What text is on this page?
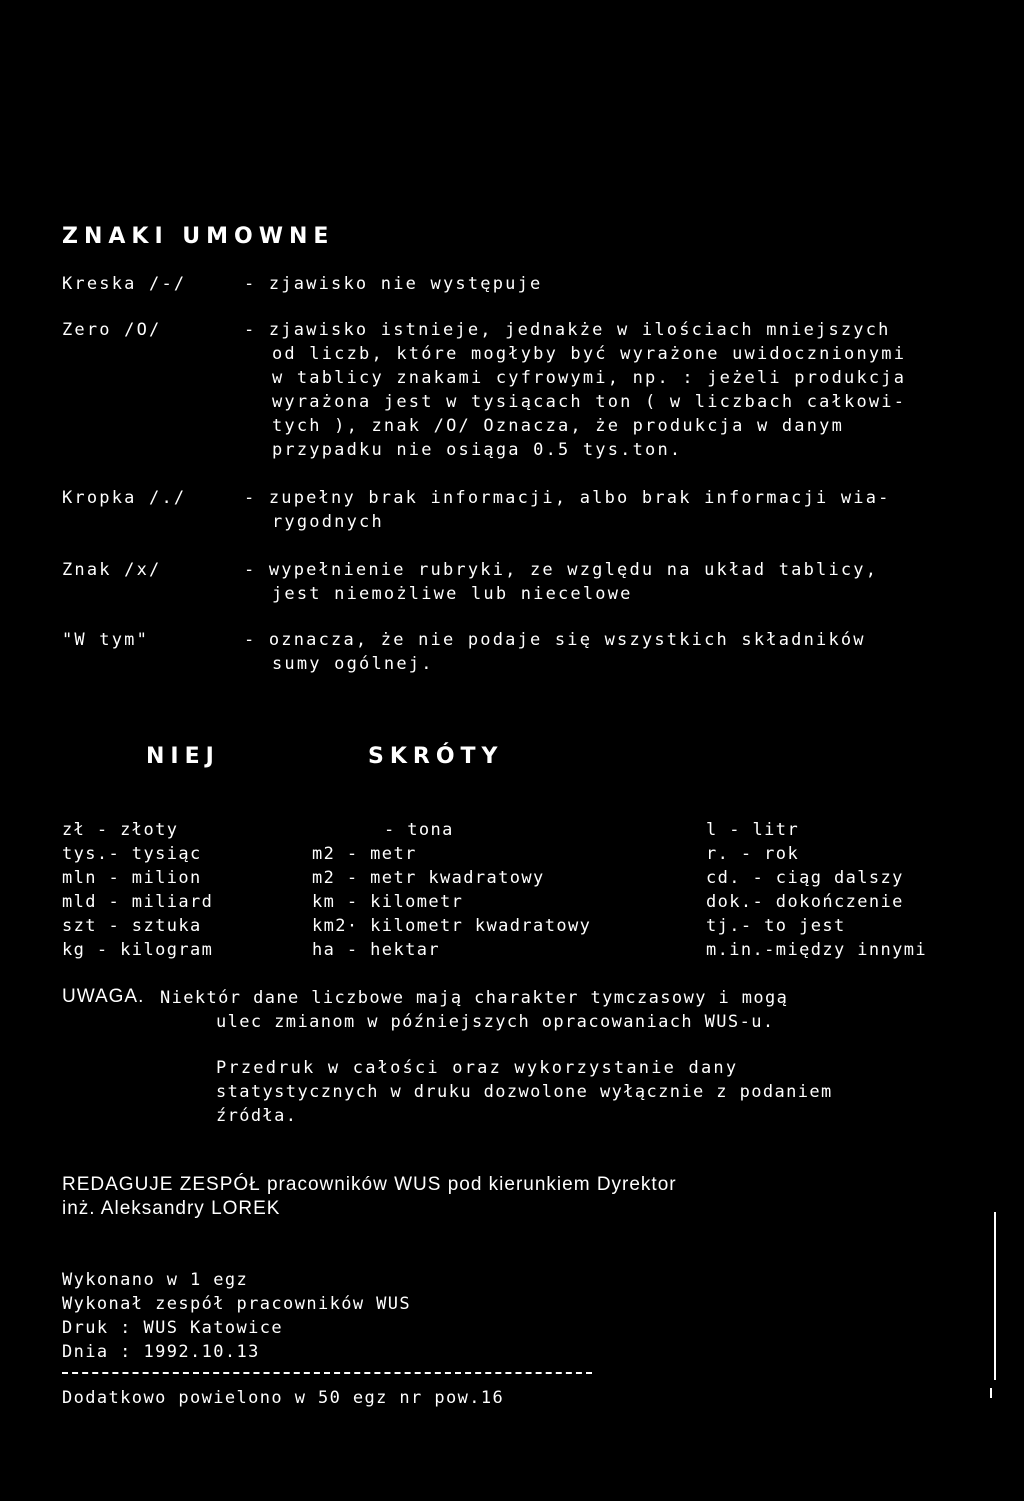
ZNAKI UMOWNE
Kreska /-/
Zero /O/
Kropka /./
Znak /x/
"W tym"
- zjawisko nie występuje
- zjawisko istnieje, jednakże w ilościach mniejszych
od liczb, które mogłyby być wyrażone uwidocznionymi
w tablicy znakami cyfrowymi, np. : jeżeli produkcja
wyrażona jest w tysiącach ton ( w liczbach całkowi-
tych ), znak /O/ Oznacza, że produkcja w danym
przypadku nie osiąga 0.5 tys.ton.
- zupełny brak informacji, albo brak informacji wia-
rygodnych
- wypełnienie rubryki, ze względu na układ tablicy,
jest niemożliwe lub niecelowe
- oznacza, że nie podaje się wszystkich składników
sumy ogólnej.
NIEJ	SKRÓTY
zł - złoty
tys.- tysiąc
mln - milion
mld - miliard
szt - sztuka
kg - kilogram
- tona
m2 - metr
m2 - metr kwadratowy
km - kilometr
km2· kilometr kwadratowy
ha - hektar
l - litr
r. - rok
cd. - ciąg dalszy
dok.- dokończenie
tj.- to jest
m.in.-między innymi
UWAGA. Niektór dane liczbowe mają charakter tymczasowy i mogą
ulec zmianom w późniejszych opracowaniach WUS-u.
Przedruk w całości oraz wykorzystanie dany
statystycznych w druku dozwolone wyłącznie z podaniem
źródła.
REDAGUJE ZESPÓŁ pracowników WUS pod kierunkiem Dyrektor
inż. Aleksandry LOREK
Wykonano w 1 egz
Wykonał zespół pracowników WUS
Druk : WUS Katowice
Dnia : 1992.10.13
Dodatkowo powielono w 50 egz nr pow.16
